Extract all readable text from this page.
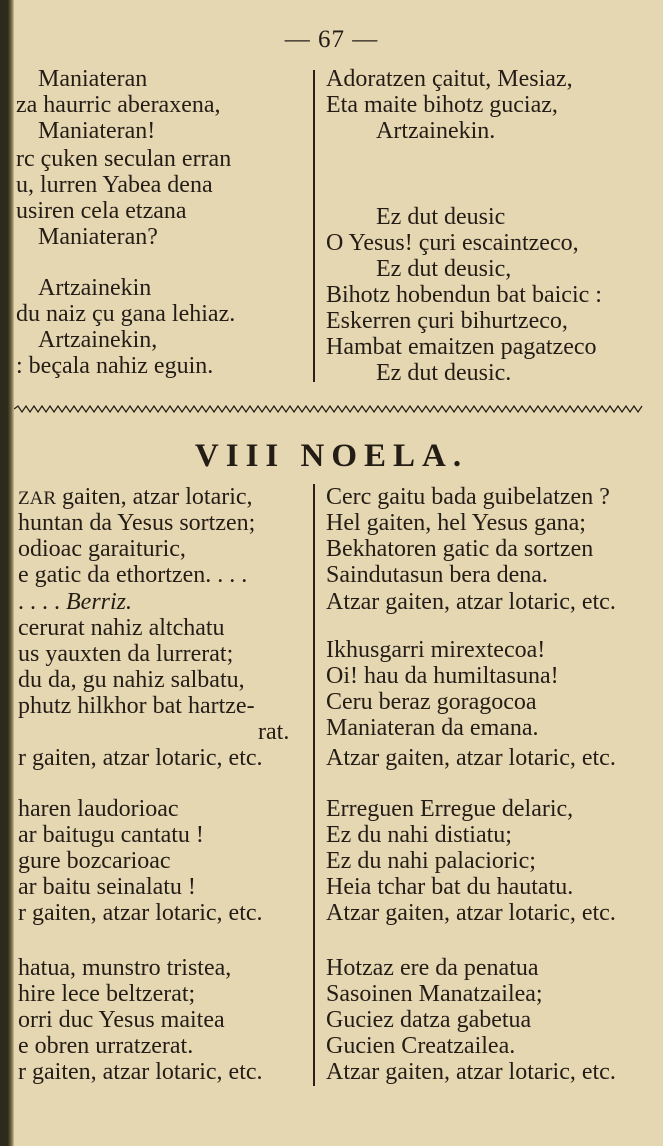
— 67 —
Maniateran
za haurric aberaxena,
Maniateran!
rc çuken seculan erran
u, lurren Yabea dena
usiren cela etzana
Maniateran?
Artzainekin
du naiz çu gana lehiaz.
Artzainekin,
: beçala nahiz eguin.
Adoratzen çaitut, Mesiaz,
Eta maite bihotz guciaz,
Artzainekin.
Ez dut deusic
O Yesus! çuri escaintzeco,
Ez dut deusic,
Bihotz hobendun bat baicic :
Eskerren çuri bihurtzeco,
Hambat emaitzen pagatzeco
Ez dut deusic.
VIII NOELA.
ZAR gaiten, atzar lotaric,
huntan da Yesus sortzen;
odioac garaituric,
e gatic da ethortzen. . . .
. . . . Berriz.
cerurat nahiz altchatu
us yauxten da lurrerat;
du da, gu nahiz salbatu,
phutz hilkhor bat hartze-
rat.
r gaiten, atzar lotaric, etc.
haren laudorioac
ar baitugu cantatu !
gure bozcarioac
ar baitu seinalatu !
r gaiten, atzar lotaric, etc.
hatua, munstro tristea,
hire lece beltzerat;
orri duc Yesus maitea
e obren urratzerat.
r gaiten, atzar lotaric, etc.
Cerc gaitu bada guibelatzen ?
Hel gaiten, hel Yesus gana;
Bekhatoren gatic da sortzen
Saindutasun bera dena.
Atzar gaiten, atzar lotaric, etc.
Ikhusgarri mirextecoa!
Oi! hau da humiltasuna!
Ceru beraz goragocoa
Maniateran da emana.
Atzar gaiten, atzar lotaric, etc.
Erreguen Erregue delaric,
Ez du nahi distiatu;
Ez du nahi palacioric;
Heia tchar bat du hautatu.
Atzar gaiten, atzar lotaric, etc.
Hotzaz ere da penatua
Sasoinen Manatzailea;
Guciez datza gabetua
Gucien Creatzailea.
Atzar gaiten, atzar lotaric, etc.
